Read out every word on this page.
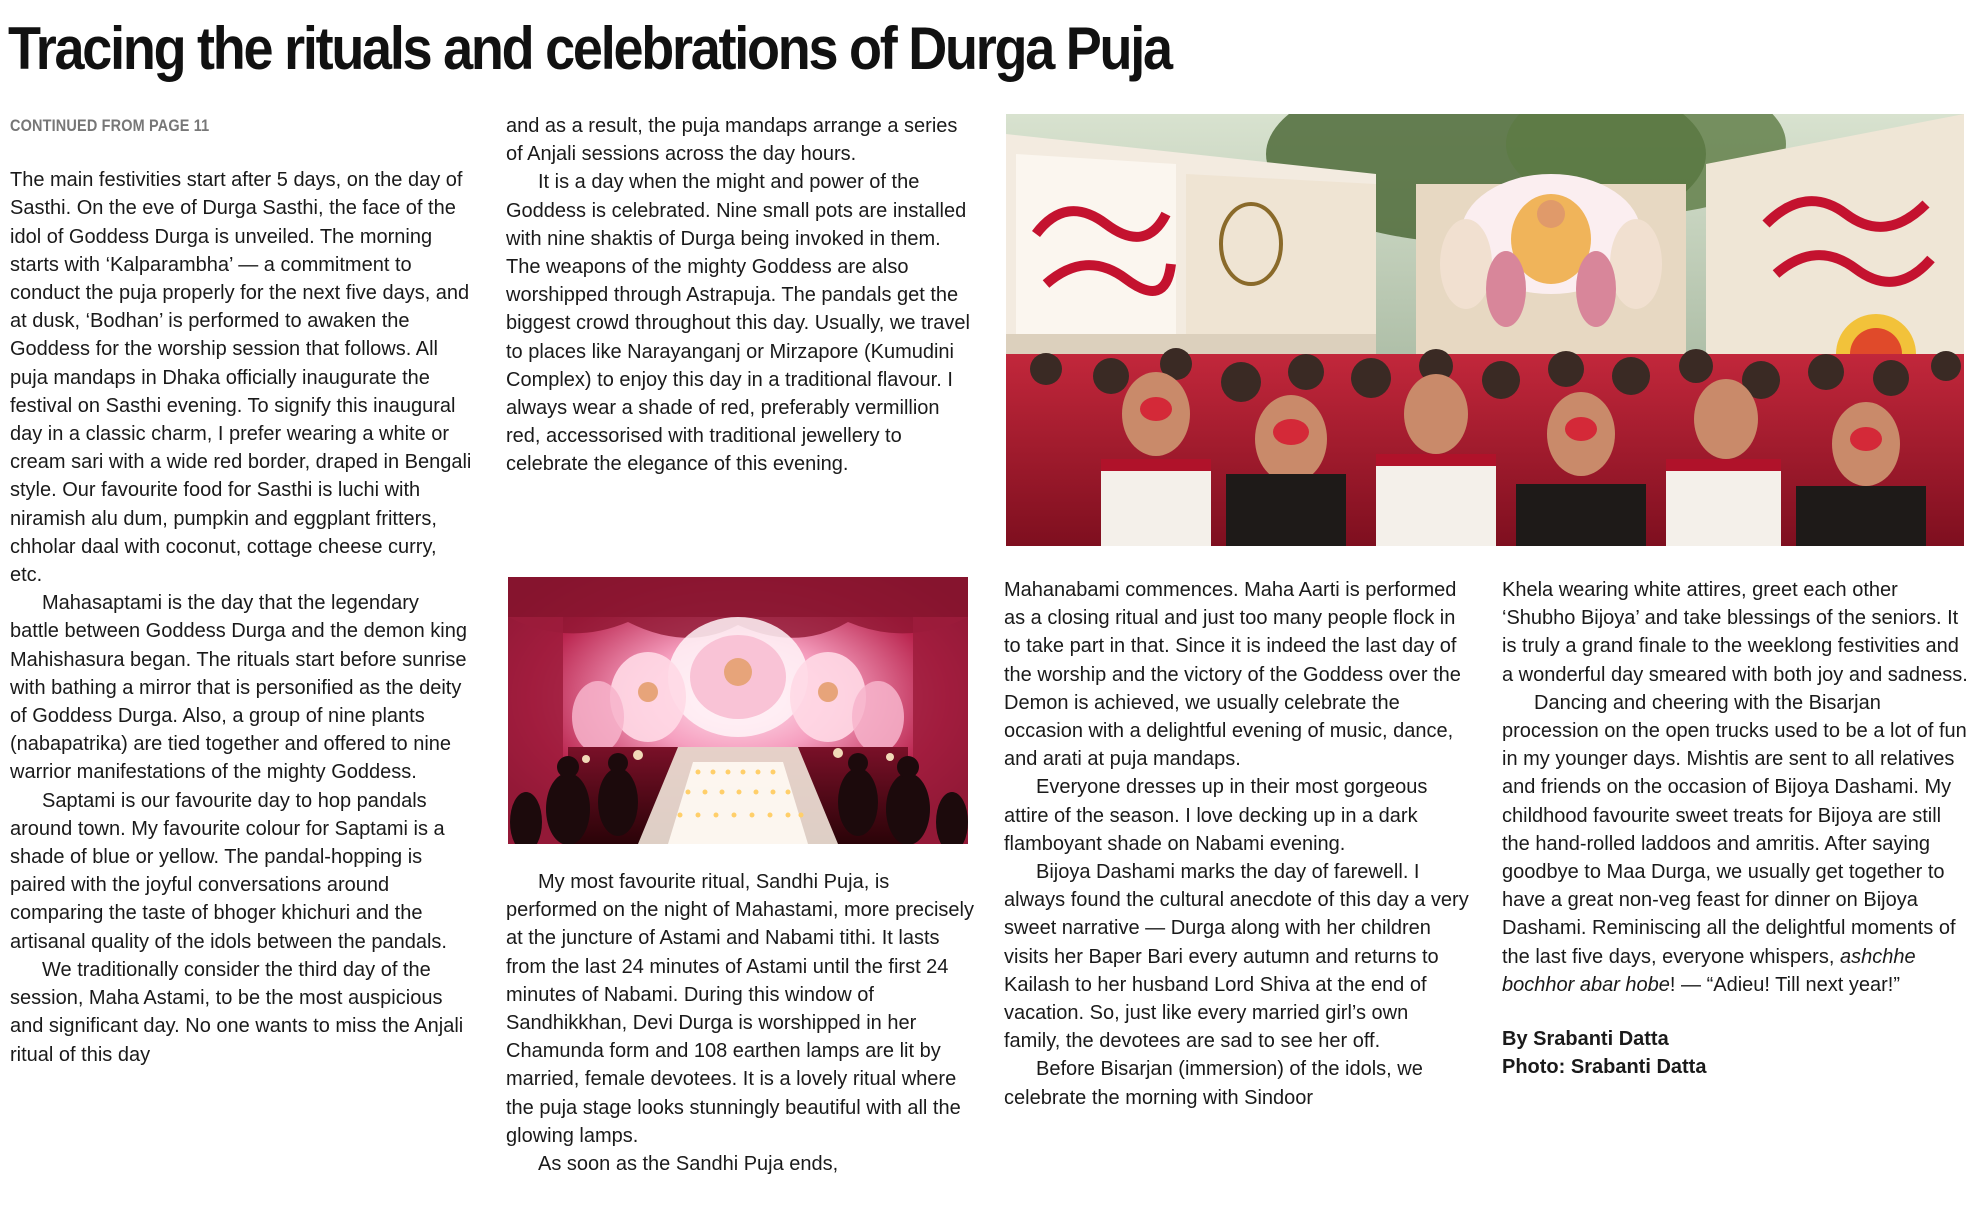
Tracing the rituals and celebrations of Durga Puja
CONTINUED FROM PAGE 11

The main festivities start after 5 days, on the day of Sasthi. On the eve of Durga Sasthi, the face of the idol of Goddess Durga is unveiled. The morning starts with ‘Kalparambha’ — a commitment to conduct the puja properly for the next five days, and at dusk, ‘Bodhan’ is performed to awaken the Goddess for the worship session that follows. All puja mandaps in Dhaka officially inaugurate the festival on Sasthi evening. To signify this inaugural day in a classic charm, I prefer wearing a white or cream sari with a wide red border, draped in Bengali style. Our favourite food for Sasthi is luchi with niramish alu dum, pumpkin and eggplant fritters, chholar daal with coconut, cottage cheese curry, etc.

Mahasaptami is the day that the legendary battle between Goddess Durga and the demon king Mahishasura began. The rituals start before sunrise with bathing a mirror that is personified as the deity of Goddess Durga. Also, a group of nine plants (nabapatrika) are tied together and offered to nine warrior manifestations of the mighty Goddess.

Saptami is our favourite day to hop pandals around town. My favourite colour for Saptami is a shade of blue or yellow. The pandal-hopping is paired with the joyful conversations around comparing the taste of bhoger khichuri and the artisanal quality of the idols between the pandals.

We traditionally consider the third day of the session, Maha Astami, to be the most auspicious and significant day. No one wants to miss the Anjali ritual of this day

and as a result, the puja mandaps arrange a series of Anjali sessions across the day hours.

It is a day when the might and power of the Goddess is celebrated. Nine small pots are installed with nine shaktis of Durga being invoked in them. The weapons of the mighty Goddess are also worshipped through Astrapuja. The pandals get the biggest crowd throughout this day. Usually, we travel to places like Narayanganj or Mirzapore (Kumudini Complex) to enjoy this day in a traditional flavour. I always wear a shade of red, preferably vermillion red, accessorised with traditional jewellery to celebrate the elegance of this evening.

My most favourite ritual, Sandhi Puja, is performed on the night of Mahastami, more precisely at the juncture of Astami and Nabami tithi. It lasts from the last 24 minutes of Astami until the first 24 minutes of Nabami. During this window of Sandhikkhan, Devi Durga is worshipped in her Chamunda form and 108 earthen lamps are lit by married, female devotees. It is a lovely ritual where the puja stage looks stunningly beautiful with all the glowing lamps.

As soon as the Sandhi Puja ends,

Mahanabami commences. Maha Aarti is performed as a closing ritual and just too many people flock in to take part in that. Since it is indeed the last day of the worship and the victory of the Goddess over the Demon is achieved, we usually celebrate the occasion with a delightful evening of music, dance, and arati at puja mandaps.

Everyone dresses up in their most gorgeous attire of the season. I love decking up in a dark flamboyant shade on Nabami evening.

Bijoya Dashami marks the day of farewell. I always found the cultural anecdote of this day a very sweet narrative — Durga along with her children visits her Baper Bari every autumn and returns to Kailash to her husband Lord Shiva at the end of vacation. So, just like every married girl’s own family, the devotees are sad to see her off.

Before Bisarjan (immersion) of the idols, we celebrate the morning with Sindoor

Khela wearing white attires, greet each other ‘Shubho Bijoya’ and take blessings of the seniors. It is truly a grand finale to the weeklong festivities and a wonderful day smeared with both joy and sadness.

Dancing and cheering with the Bisarjan procession on the open trucks used to be a lot of fun in my younger days. Mishtis are sent to all relatives and friends on the occasion of Bijoya Dashami. My childhood favourite sweet treats for Bijoya are still the hand-rolled laddoos and amritis. After saying goodbye to Maa Durga, we usually get together to have a great non-veg feast for dinner on Bijoya Dashami. Reminiscing all the delightful moments of the last five days, everyone whispers, ashchhe bochhor abar hobe! — “Adieu! Till next year!”

By Srabanti Datta
Photo: Srabanti Datta
